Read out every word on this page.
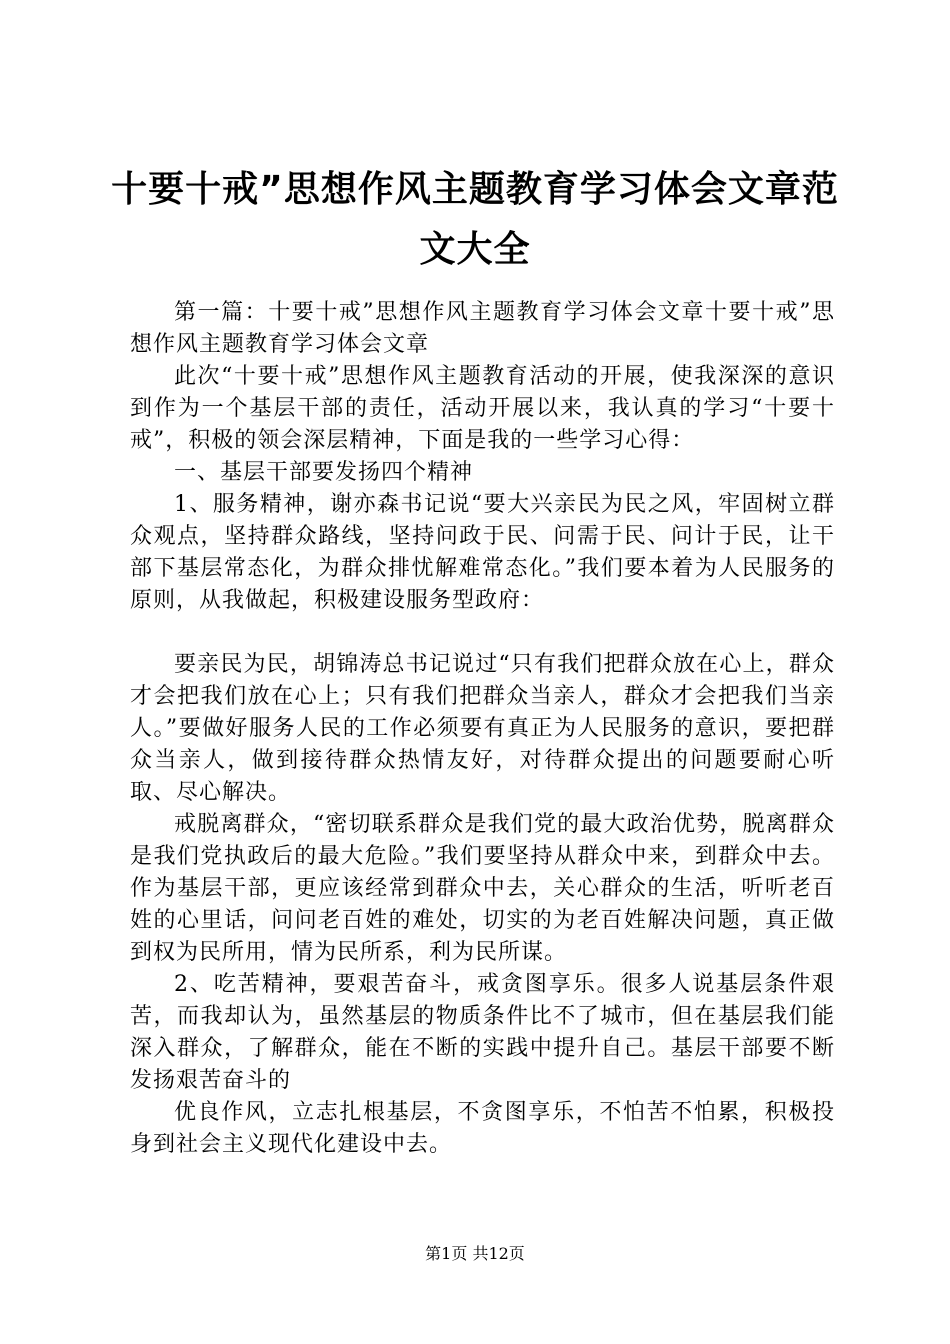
十要十戒”思想作风主题教育学习体会文章范
文大全

第一篇：十要十戒”思想作风主题教育学习体会文章十要十戒”思想作风主题教育学习体会文章

此次“十要十戒”思想作风主题教育活动的开展，使我深深的意识到作为一个基层干部的责任，活动开展以来，我认真的学习“十要十戒”，积极的领会深层精神，下面是我的一些学习心得：

一、基层干部要发扬四个精神

1、服务精神，谢亦森书记说“要大兴亲民为民之风，牢固树立群众观点，坚持群众路线，坚持问政于民、问需于民、问计于民，让干部下基层常态化，为群众排忧解难常态化。”我们要本着为人民服务的原则，从我做起，积极建设服务型政府：

要亲民为民，胡锦涛总书记说过“只有我们把群众放在心上，群众才会把我们放在心上；只有我们把群众当亲人，群众才会把我们当亲人。”要做好服务人民的工作必须要有真正为人民服务的意识，要把群众当亲人，做到接待群众热情友好，对待群众提出的问题要耐心听取、尽心解决。

戒脱离群众，“密切联系群众是我们党的最大政治优势，脱离群众是我们党执政后的最大危险。”我们要坚持从群众中来，到群众中去。作为基层干部，更应该经常到群众中去，关心群众的生活，听听老百姓的心里话，问问老百姓的难处，切实的为老百姓解决问题，真正做到权为民所用，情为民所系，利为民所谋。

2、吃苦精神，要艰苦奋斗，戒贪图享乐。很多人说基层条件艰苦，而我却认为，虽然基层的物质条件比不了城市，但在基层我们能深入群众，了解群众，能在不断的实践中提升自己。基层干部要不断发扬艰苦奋斗的

优良作风，立志扎根基层，不贪图享乐，不怕苦不怕累，积极投身到社会主义现代化建设中去。

第1页 共12页
